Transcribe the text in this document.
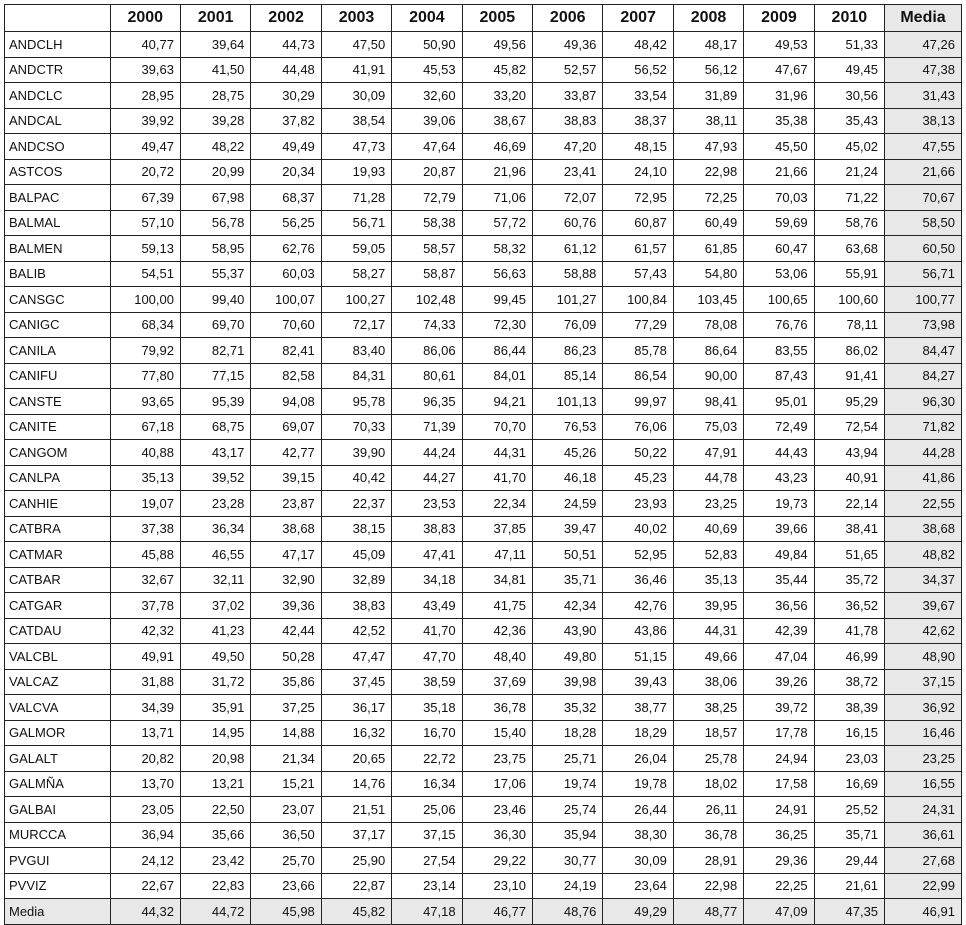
	2000	2001	2002	2003	2004	2005	2006	2007	2008	2009	2010	Media
ANDCLH	40,77	39,64	44,73	47,50	50,90	49,56	49,36	48,42	48,17	49,53	51,33	47,26
ANDCTR	39,63	41,50	44,48	41,91	45,53	45,82	52,57	56,52	56,12	47,67	49,45	47,38
ANDCLC	28,95	28,75	30,29	30,09	32,60	33,20	33,87	33,54	31,89	31,96	30,56	31,43
ANDCAL	39,92	39,28	37,82	38,54	39,06	38,67	38,83	38,37	38,11	35,38	35,43	38,13
ANDCSO	49,47	48,22	49,49	47,73	47,64	46,69	47,20	48,15	47,93	45,50	45,02	47,55
ASTCOS	20,72	20,99	20,34	19,93	20,87	21,96	23,41	24,10	22,98	21,66	21,24	21,66
BALPAC	67,39	67,98	68,37	71,28	72,79	71,06	72,07	72,95	72,25	70,03	71,22	70,67
BALMAL	57,10	56,78	56,25	56,71	58,38	57,72	60,76	60,87	60,49	59,69	58,76	58,50
BALMEN	59,13	58,95	62,76	59,05	58,57	58,32	61,12	61,57	61,85	60,47	63,68	60,50
BALIB	54,51	55,37	60,03	58,27	58,87	56,63	58,88	57,43	54,80	53,06	55,91	56,71
CANSGC	100,00	99,40	100,07	100,27	102,48	99,45	101,27	100,84	103,45	100,65	100,60	100,77
CANIGC	68,34	69,70	70,60	72,17	74,33	72,30	76,09	77,29	78,08	76,76	78,11	73,98
CANILA	79,92	82,71	82,41	83,40	86,06	86,44	86,23	85,78	86,64	83,55	86,02	84,47
CANIFU	77,80	77,15	82,58	84,31	80,61	84,01	85,14	86,54	90,00	87,43	91,41	84,27
CANSTE	93,65	95,39	94,08	95,78	96,35	94,21	101,13	99,97	98,41	95,01	95,29	96,30
CANITE	67,18	68,75	69,07	70,33	71,39	70,70	76,53	76,06	75,03	72,49	72,54	71,82
CANGOM	40,88	43,17	42,77	39,90	44,24	44,31	45,26	50,22	47,91	44,43	43,94	44,28
CANLPA	35,13	39,52	39,15	40,42	44,27	41,70	46,18	45,23	44,78	43,23	40,91	41,86
CANHIE	19,07	23,28	23,87	22,37	23,53	22,34	24,59	23,93	23,25	19,73	22,14	22,55
CATBRA	37,38	36,34	38,68	38,15	38,83	37,85	39,47	40,02	40,69	39,66	38,41	38,68
CATMAR	45,88	46,55	47,17	45,09	47,41	47,11	50,51	52,95	52,83	49,84	51,65	48,82
CATBAR	32,67	32,11	32,90	32,89	34,18	34,81	35,71	36,46	35,13	35,44	35,72	34,37
CATGAR	37,78	37,02	39,36	38,83	43,49	41,75	42,34	42,76	39,95	36,56	36,52	39,67
CATDAU	42,32	41,23	42,44	42,52	41,70	42,36	43,90	43,86	44,31	42,39	41,78	42,62
VALCBL	49,91	49,50	50,28	47,47	47,70	48,40	49,80	51,15	49,66	47,04	46,99	48,90
VALCAZ	31,88	31,72	35,86	37,45	38,59	37,69	39,98	39,43	38,06	39,26	38,72	37,15
VALCVA	34,39	35,91	37,25	36,17	35,18	36,78	35,32	38,77	38,25	39,72	38,39	36,92
GALMOR	13,71	14,95	14,88	16,32	16,70	15,40	18,28	18,29	18,57	17,78	16,15	16,46
GALALT	20,82	20,98	21,34	20,65	22,72	23,75	25,71	26,04	25,78	24,94	23,03	23,25
GALMÑA	13,70	13,21	15,21	14,76	16,34	17,06	19,74	19,78	18,02	17,58	16,69	16,55
GALBAI	23,05	22,50	23,07	21,51	25,06	23,46	25,74	26,44	26,11	24,91	25,52	24,31
MURCCA	36,94	35,66	36,50	37,17	37,15	36,30	35,94	38,30	36,78	36,25	35,71	36,61
PVGUI	24,12	23,42	25,70	25,90	27,54	29,22	30,77	30,09	28,91	29,36	29,44	27,68
PVVIZ	22,67	22,83	23,66	22,87	23,14	23,10	24,19	23,64	22,98	22,25	21,61	22,99
Media	44,32	44,72	45,98	45,82	47,18	46,77	48,76	49,29	48,77	47,09	47,35	46,91
